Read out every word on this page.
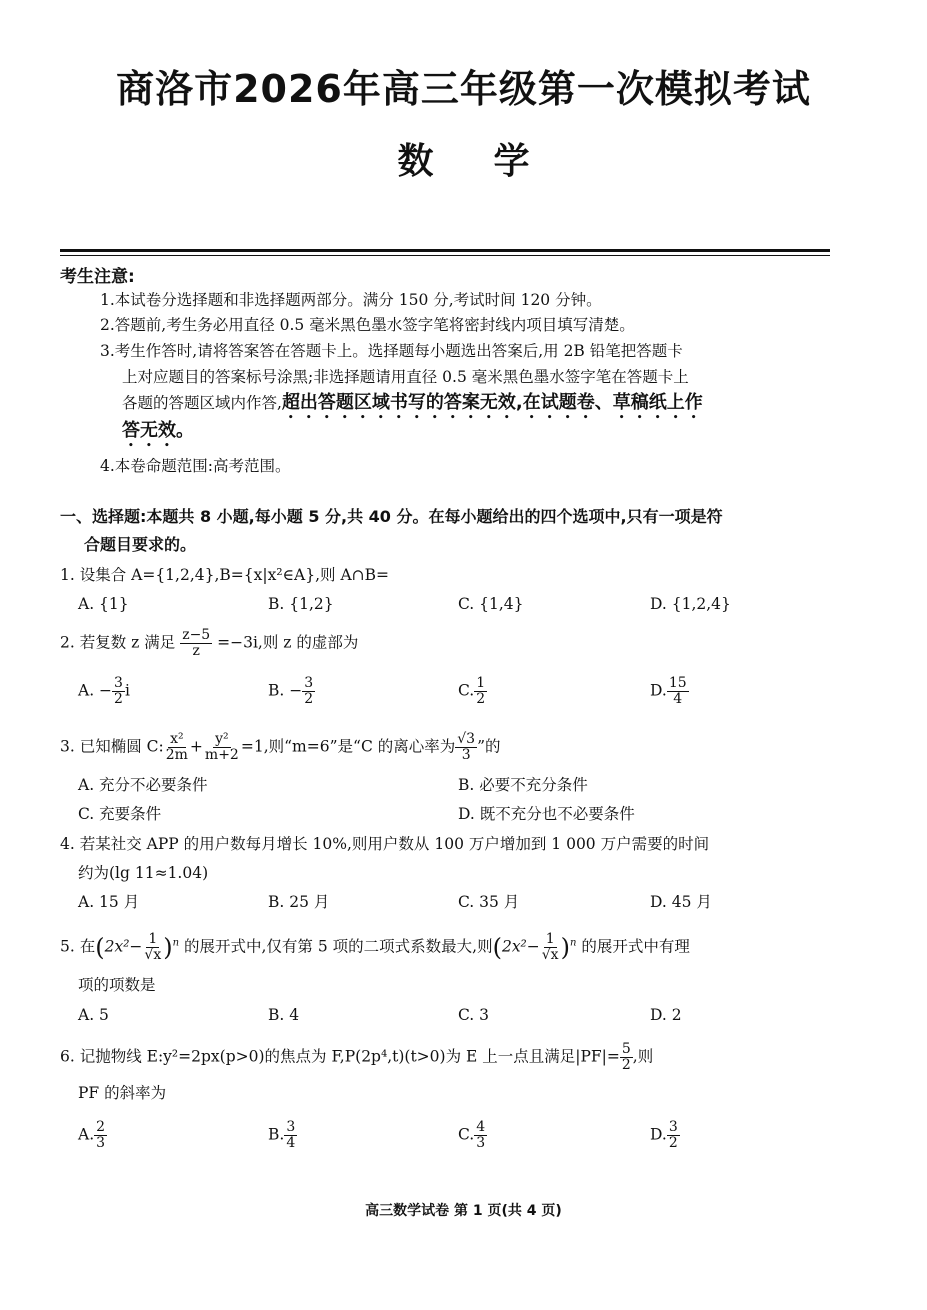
商洛市2026年高三年级第一次模拟考试
数学
考生注意:
1.本试卷分选择题和非选择题两部分。满分 150 分,考试时间 120 分钟。
2.答题前,考生务必用直径 0.5 毫米黑色墨水签字笔将密封线内项目填写清楚。
3.考生作答时,请将答案答在答题卡上。选择题每小题选出答案后,用 2B 铅笔把答题卡
上对应题目的答案标号涂黑;非选择题请用直径 0.5 毫米黑色墨水签字笔在答题卡上
各题的答题区域内作答,超出答题区域书写的答案无效,在试题卷、草稿纸上作
答无效。
4.本卷命题范围:高考范围。
一、选择题:本题共 8 小题,每小题 5 分,共 40 分。在每小题给出的四个选项中,只有一项是符
合题目要求的。
1. 设集合 A={1,2,4},B={x|x²∈A},则 A∩B=
A. {1}	B. {1,2}	C. {1,4}	D. {1,2,4}
2. 若复数 z 满足 $\frac{z-5}{z} =-3i$,则 z 的虚部为
A. − $\frac{3}{2}$ i	B. − $\frac{3}{2}$	C. $\frac{1}{2}$	D. $\frac{15}{4}$
3. 已知椭圆 C: $\frac{\text{x²}}{2m} + \frac{\text{y²}}{m+2} =1$,则“m=6”是“C 的离心率为 $\frac{√3}{3}$ ”的
A. 充分不必要条件	B. 必要不充分条件
C. 充要条件	D. 既不充分也不必要条件
4. 若某社交 APP 的用户数每月增长 10%,则用户数从 100 万户增加到 1 000 万户需要的时间
约为(lg 11≈1.04)
A. 15 月	B. 25 月	C. 35 月	D. 45 月
5. 在$(2x^2- \frac{1}{√x} )^n$ 的展开式中,仅有第 5 项的二项式系数最大,则$(2x^2- \frac{1}{√x} )^n$ 的展开式中有理
项的项数是
A. 5	B. 4	C. 3	D. 2
6. 记抛物线 E:y²=2px(p>0)的焦点为 F,P(2p⁴,t)(t>0)为 E 上一点且满足$|PF|= \frac{5}{2}$ ,则
PF 的斜率为
A. $\frac{2}{3}$	B. $\frac{3}{4}$	C. $\frac{4}{3}$	D. $\frac{3}{2}$
高三数学试卷 第 1 页(共 4 页)
